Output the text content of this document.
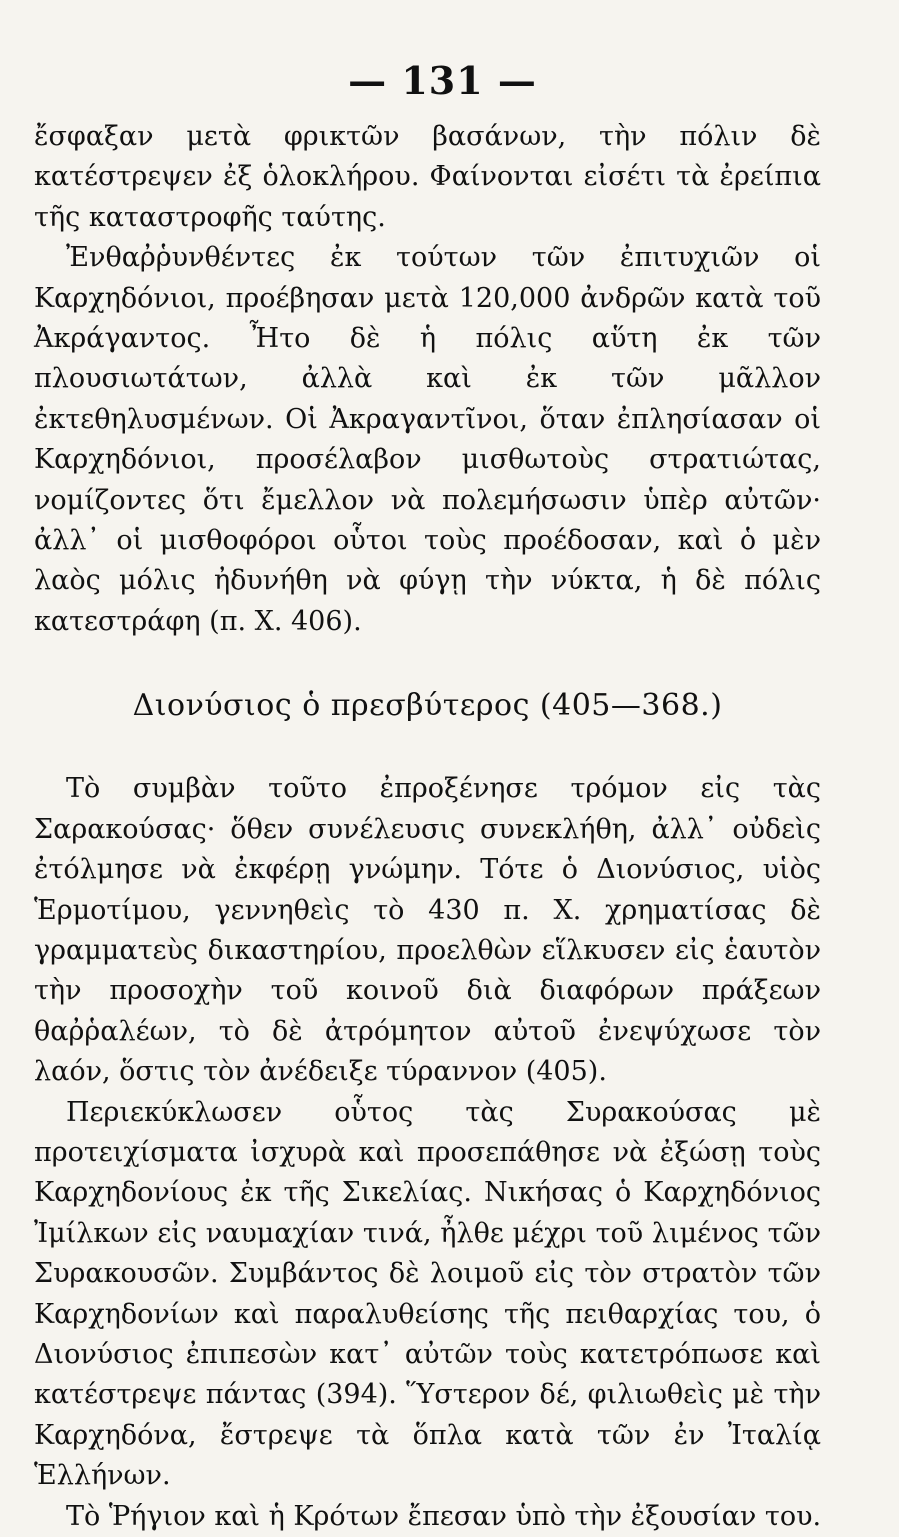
— 131 —

ἔσφαξαν μετὰ φρικτῶν βασάνων, τὴν πόλιν δὲ κατέστρεψεν ἐξ ὁλοκλήρου. Φαίνονται εἰσέτι τὰ ἐρείπια τῆς καταστροφῆς ταύτης.

Ἐνθαῤῥυνθέντες ἐκ τούτων τῶν ἐπιτυχιῶν οἱ Καρχηδόνιοι, προέβησαν μετὰ 120,000 ἀνδρῶν κατὰ τοῦ Ἀκράγαντος. Ἦτο δὲ ἡ πόλις αὕτη ἐκ τῶν πλουσιωτάτων, ἀλλὰ καὶ ἐκ τῶν μᾶλλον ἐκτεθηλυσμένων. Οἱ Ἀκραγαντῖνοι, ὅταν ἐπλησίασαν οἱ Καρχηδόνιοι, προσέλαβον μισθωτοὺς στρατιώτας, νομίζοντες ὅτι ἔμελλον νὰ πολεμήσωσιν ὑπὲρ αὐτῶν· ἀλλ᾽ οἱ μισθοφόροι οὗτοι τοὺς προέδοσαν, καὶ ὁ μὲν λαὸς μόλις ἠδυνήθη νὰ φύγῃ τὴν νύκτα, ἡ δὲ πόλις κατεστράφη (π. Χ. 406).

Διονύσιος ὁ πρεσβύτερος (405—368.)

Τὸ συμβὰν τοῦτο ἐπροξένησε τρόμον εἰς τὰς Σαρακούσας· ὅθεν συνέλευσις συνεκλήθη, ἀλλ᾽ οὐδεὶς ἐτόλμησε νὰ ἐκφέρῃ γνώμην. Τότε ὁ Διονύσιος, υἱὸς Ἑρμοτίμου, γεννηθεὶς τὸ 430 π. Χ. χρηματίσας δὲ γραμματεὺς δικαστηρίου, προελθὼν εἵλκυσεν εἰς ἑαυτὸν τὴν προσοχὴν τοῦ κοινοῦ διὰ διαφόρων πράξεων θαῤῥαλέων, τὸ δὲ ἀτρόμητον αὐτοῦ ἐνεψύχωσε τὸν λαόν, ὅστις τὸν ἀνέδειξε τύραννον (405).

Περιεκύκλωσεν οὗτος τὰς Συρακούσας μὲ προτειχίσματα ἰσχυρὰ καὶ προσεπάθησε νὰ ἐξώσῃ τοὺς Καρχηδονίους ἐκ τῆς Σικελίας. Νικήσας ὁ Καρχηδόνιος Ἰμίλκων εἰς ναυμαχίαν τινά, ἦλθε μέχρι τοῦ λιμένος τῶν Συρακουσῶν. Συμβάντος δὲ λοιμοῦ εἰς τὸν στρατὸν τῶν Καρχηδονίων καὶ παραλυθείσης τῆς πειθαρχίας του, ὁ Διονύσιος ἐπιπεσὼν κατ᾽ αὐτῶν τοὺς κατετρόπωσε καὶ κατέστρεψε πάντας (394). Ὕστερον δέ, φιλιωθεὶς μὲ τὴν Καρχηδόνα, ἔστρεψε τὰ ὅπλα κατὰ τῶν ἐν Ἰταλίᾳ Ἑλλήνων.

Τὸ Ῥήγιον καὶ ἡ Κρότων ἔπεσαν ὑπὸ τὴν ἐξουσίαν του.
